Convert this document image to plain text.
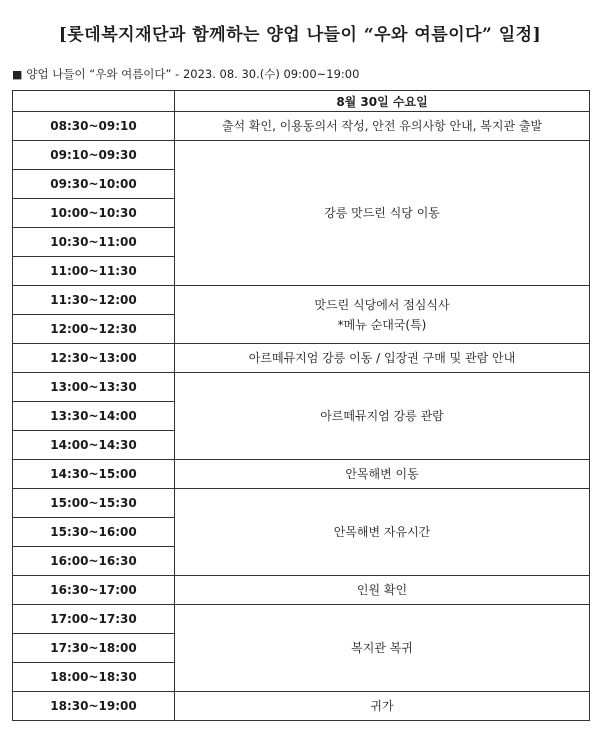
[롯데복지재단과 함께하는 양업 나들이 “우와 여름이다” 일정]
■ 양업 나들이 “우와 여름이다” - 2023. 08. 30.(수) 09:00~19:00
	8월 30일 수요일
08:30~09:10	출석 확인, 이용동의서 작성, 안전 유의사항 안내, 복지관 출발
09:10~09:30	강릉 맛드린 식당 이동
09:30~10:00	
10:00~10:30	
10:30~11:00	
11:00~11:30	
11:30~12:00	맛드린 식당에서 점심식사
*메뉴 순대국(특)

12:00~12:30	
12:30~13:00	아르떼뮤지엄 강릉 이동 / 입장권 구매 및 관람 안내
13:00~13:30	아르떼뮤지엄 강릉 관람
13:30~14:00	
14:00~14:30	
14:30~15:00	안목해변 이동
15:00~15:30	안목해변 자유시간
15:30~16:00	
16:00~16:30	
16:30~17:00	인원 확인
17:00~17:30	복지관 복귀
17:30~18:00	
18:00~18:30	
18:30~19:00	귀가
